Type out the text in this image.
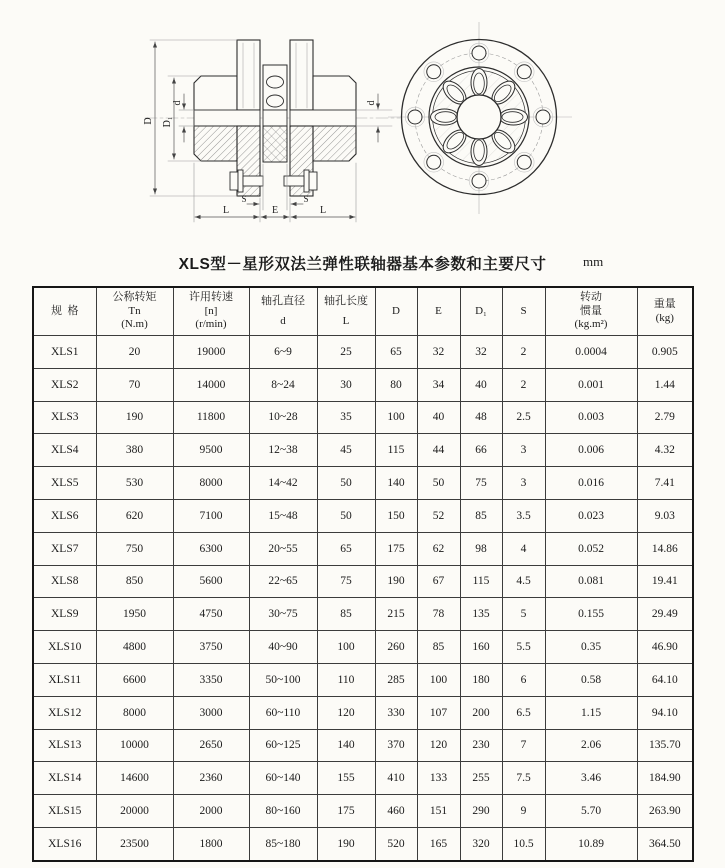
D D₁
d	d
S	S
L	E	L
XLS型－星形双法兰弹性联轴器基本参数和主要尺寸	mm
规  格

公称转矩
Tn
(N.m)

许用转速
[n]
(r/min)

轴孔直径
d

轴孔长度
L

D	E	D₁	S

转动
惯量
(kg.m²)

重量
(kg)

XLS1	20	19000	6~9	25	65	32	32	2	0.0004	0.905
XLS2	70	14000	8~24	30	80	34	40	2	0.001	1.44
XLS3	190	11800	10~28	35	100	40	48	2.5	0.003	2.79
XLS4	380	9500	12~38	45	115	44	66	3	0.006	4.32
XLS5	530	8000	14~42	50	140	50	75	3	0.016	7.41
XLS6	620	7100	15~48	50	150	52	85	3.5	0.023	9.03
XLS7	750	6300	20~55	65	175	62	98	4	0.052	14.86
XLS8	850	5600	22~65	75	190	67	115	4.5	0.081	19.41
XLS9	1950	4750	30~75	85	215	78	135	5	0.155	29.49
XLS10	4800	3750	40~90	100	260	85	160	5.5	0.35	46.90
XLS11	6600	3350	50~100	110	285	100	180	6	0.58	64.10
XLS12	8000	3000	60~110	120	330	107	200	6.5	1.15	94.10
XLS13	10000	2650	60~125	140	370	120	230	7	2.06	135.70
XLS14	14600	2360	60~140	155	410	133	255	7.5	3.46	184.90
XLS15	20000	2000	80~160	175	460	151	290	9	5.70	263.90
XLS16	23500	1800	85~180	190	520	165	320	10.5	10.89	364.50
